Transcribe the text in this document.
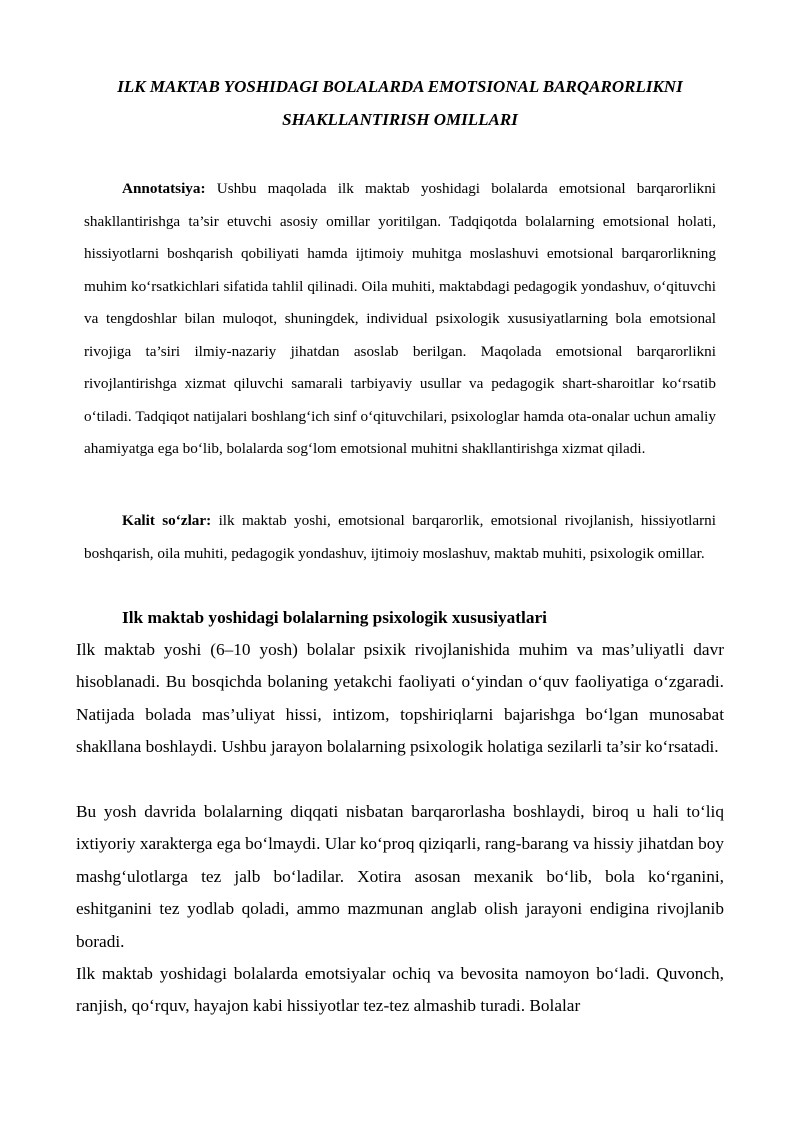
ILK MAKTAB YOSHIDAGI BOLALARDA EMOTSIONAL BARQARORLIKNI
SHAKLLANTIRISH OMILLARI

Annotatsiya: Ushbu maqolada ilk maktab yoshidagi bolalarda emotsional barqarorlikni shakllantirishga ta’sir etuvchi asosiy omillar yoritilgan. Tadqiqotda bolalarning emotsional holati, hissiyotlarni boshqarish qobiliyati hamda ijtimoiy muhitga moslashuvi emotsional barqarorlikning muhim ko‘rsatkichlari sifatida tahlil qilinadi. Oila muhiti, maktabdagi pedagogik yondashuv, o‘qituvchi va tengdoshlar bilan muloqot, shuningdek, individual psixologik xususiyatlarning bola emotsional rivojiga ta’siri ilmiy-nazariy jihatdan asoslab berilgan. Maqolada emotsional barqarorlikni rivojlantirishga xizmat qiluvchi samarali tarbiyaviy usullar va pedagogik shart-sharoitlar ko‘rsatib o‘tiladi. Tadqiqot natijalari boshlang‘ich sinf o‘qituvchilari, psixologlar hamda ota-onalar uchun amaliy ahamiyatga ega bo‘lib, bolalarda sog‘lom emotsional muhitni shakllantirishga xizmat qiladi.

Kalit so‘zlar: ilk maktab yoshi, emotsional barqarorlik, emotsional rivojlanish, hissiyotlarni boshqarish, oila muhiti, pedagogik yondashuv, ijtimoiy moslashuv, maktab muhiti, psixologik omillar.

Ilk maktab yoshidagi bolalarning psixologik xususiyatlari

Ilk maktab yoshi (6–10 yosh) bolalar psixik rivojlanishida muhim va mas’uliyatli davr hisoblanadi. Bu bosqichda bolaning yetakchi faoliyati o‘yindan o‘quv faoliyatiga o‘zgaradi. Natijada bolada mas’uliyat hissi, intizom, topshiriqlarni bajarishga bo‘lgan munosabat shakllana boshlaydi. Ushbu jarayon bolalarning psixologik holatiga sezilarli ta’sir ko‘rsatadi.

Bu yosh davrida bolalarning diqqati nisbatan barqarorlasha boshlaydi, biroq u hali to‘liq ixtiyoriy xarakterga ega bo‘lmaydi. Ular ko‘proq qiziqarli, rang-barang va hissiy jihatdan boy mashg‘ulotlarga tez jalb bo‘ladilar. Xotira asosan mexanik bo‘lib, bola ko‘rganini, eshitganini tez yodlab qoladi, ammo mazmunan anglab olish jarayoni endigina rivojlanib boradi.

Ilk maktab yoshidagi bolalarda emotsiyalar ochiq va bevosita namoyon bo‘ladi. Quvonch, ranjish, qo‘rquv, hayajon kabi hissiyotlar tez-tez almashib turadi. Bolalar
